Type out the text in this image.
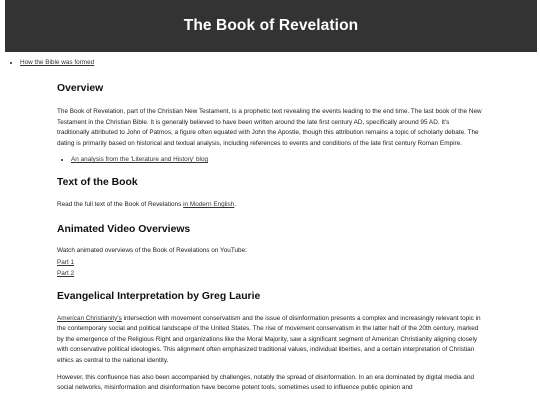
The Book of Revelation
• How the Bible was formed
Overview

The Book of Revelation, part of the Christian New Testament, is a prophetic text revealing the events leading to the end time. The last book of the New Testament in the Christian Bible. It is generally believed to have been written around the late first century AD, specifically around 95 AD. It's traditionally attributed to John of Patmos, a figure often equated with John the Apostle, though this attribution remains a topic of scholarly debate. The dating is primarily based on historical and textual analysis, including references to events and conditions of the late first century Roman Empire.

• An analysis from the 'Literature and History' blog
Text of the Book

Read the full text of the Book of Revelations in Modern English.

Animated Video Overviews

Watch animated overviews of the Book of Revelations on YouTube:

Part 1
Part 2
Evangelical Interpretation by Greg Laurie

American Christianity's intersection with movement conservatism and the issue of disinformation presents a complex and increasingly relevant topic in the contemporary social and political landscape of the United States. The rise of movement conservatism in the latter half of the 20th century, marked by the emergence of the Religious Right and organizations like the Moral Majority, saw a significant segment of American Christianity aligning closely with conservative political ideologies. This alignment often emphasized traditional values, individual liberties, and a certain interpretation of Christian ethics as central to the national identity.

However, this confluence has also been accompanied by challenges, notably the spread of disinformation. In an era dominated by digital media and social networks, misinformation and disinformation have become potent tools, sometimes used to influence public opinion and
